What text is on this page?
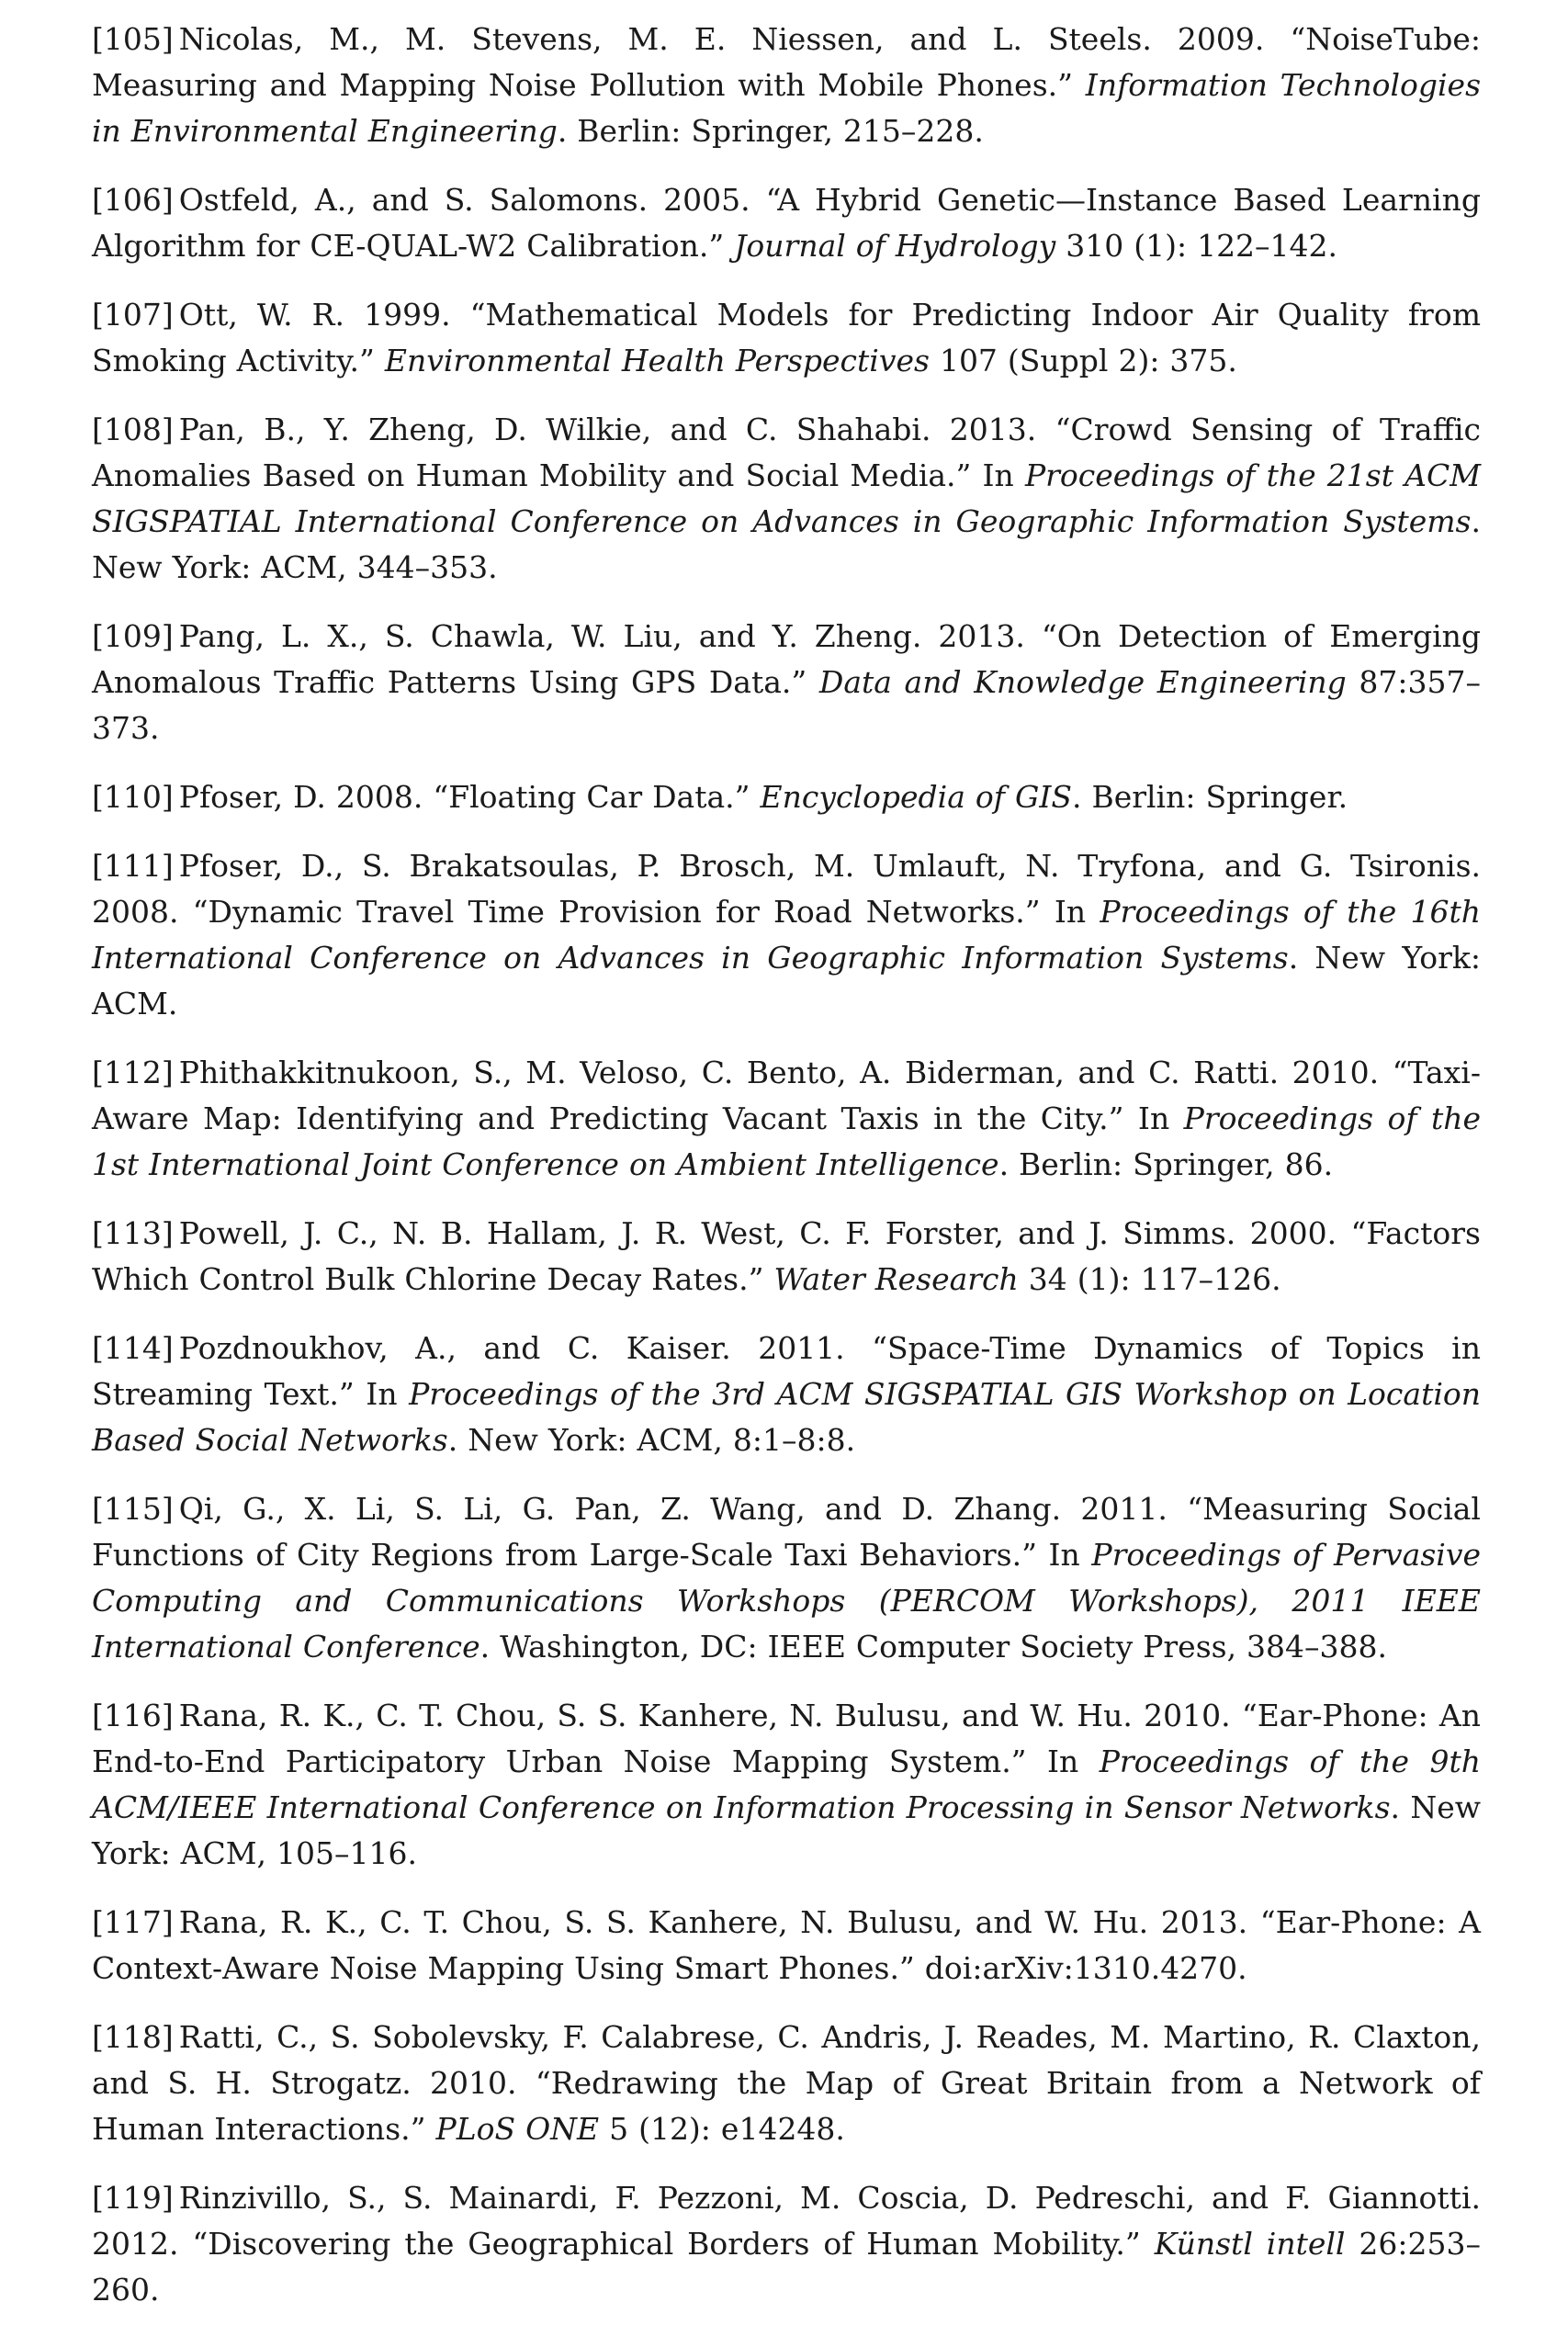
[105] Nicolas, M., M. Stevens, M. E. Niessen, and L. Steels. 2009. “NoiseTube: Measuring and Mapping Noise Pollution with Mobile Phones.” Information Technologies in Environmental Engineering. Berlin: Springer, 215–228.

[106] Ostfeld, A., and S. Salomons. 2005. “A Hybrid Genetic—Instance Based Learning Algorithm for CE-QUAL-W2 Calibration.” Journal of Hydrology 310 (1): 122–142.

[107] Ott, W. R. 1999. “Mathematical Models for Predicting Indoor Air Quality from Smoking Activity.” Environmental Health Perspectives 107 (Suppl 2): 375.

[108] Pan, B., Y. Zheng, D. Wilkie, and C. Shahabi. 2013. “Crowd Sensing of Traffic Anomalies Based on Human Mobility and Social Media.” In Proceedings of the 21st ACM SIGSPATIAL International Conference on Advances in Geographic Information Systems. New York: ACM, 344–353.

[109] Pang, L. X., S. Chawla, W. Liu, and Y. Zheng. 2013. “On Detection of Emerging Anomalous Traffic Patterns Using GPS Data.” Data and Knowledge Engineering 87:357–373.

[110] Pfoser, D. 2008. “Floating Car Data.” Encyclopedia of GIS. Berlin: Springer.

[111] Pfoser, D., S. Brakatsoulas, P. Brosch, M. Umlauft, N. Tryfona, and G. Tsironis. 2008. “Dynamic Travel Time Provision for Road Networks.” In Proceedings of the 16th International Conference on Advances in Geographic Information Systems. New York: ACM.

[112] Phithakkitnukoon, S., M. Veloso, C. Bento, A. Biderman, and C. Ratti. 2010. “Taxi-Aware Map: Identifying and Predicting Vacant Taxis in the City.” In Proceedings of the 1st International Joint Conference on Ambient Intelligence. Berlin: Springer, 86.

[113] Powell, J. C., N. B. Hallam, J. R. West, C. F. Forster, and J. Simms. 2000. “Factors Which Control Bulk Chlorine Decay Rates.” Water Research 34 (1): 117–126.

[114] Pozdnoukhov, A., and C. Kaiser. 2011. “Space-Time Dynamics of Topics in Streaming Text.” In Proceedings of the 3rd ACM SIGSPATIAL GIS Workshop on Location Based Social Networks. New York: ACM, 8:1–8:8.

[115] Qi, G., X. Li, S. Li, G. Pan, Z. Wang, and D. Zhang. 2011. “Measuring Social Functions of City Regions from Large-Scale Taxi Behaviors.” In Proceedings of Pervasive Computing and Communications Workshops (PERCOM Workshops), 2011 IEEE International Conference. Washington, DC: IEEE Computer Society Press, 384–388.

[116] Rana, R. K., C. T. Chou, S. S. Kanhere, N. Bulusu, and W. Hu. 2010. “Ear-Phone: An End-to-End Participatory Urban Noise Mapping System.” In Proceedings of the 9th ACM/IEEE International Conference on Information Processing in Sensor Networks. New York: ACM, 105–116.

[117] Rana, R. K., C. T. Chou, S. S. Kanhere, N. Bulusu, and W. Hu. 2013. “Ear-Phone: A Context-Aware Noise Mapping Using Smart Phones.” doi:arXiv:1310.4270.

[118] Ratti, C., S. Sobolevsky, F. Calabrese, C. Andris, J. Reades, M. Martino, R. Claxton, and S. H. Strogatz. 2010. “Redrawing the Map of Great Britain from a Network of Human Interactions.” PLoS ONE 5 (12): e14248.

[119] Rinzivillo, S., S. Mainardi, F. Pezzoni, M. Coscia, D. Pedreschi, and F. Giannotti. 2012. “Discovering the Geographical Borders of Human Mobility.” Künstl intell 26:253–260.
